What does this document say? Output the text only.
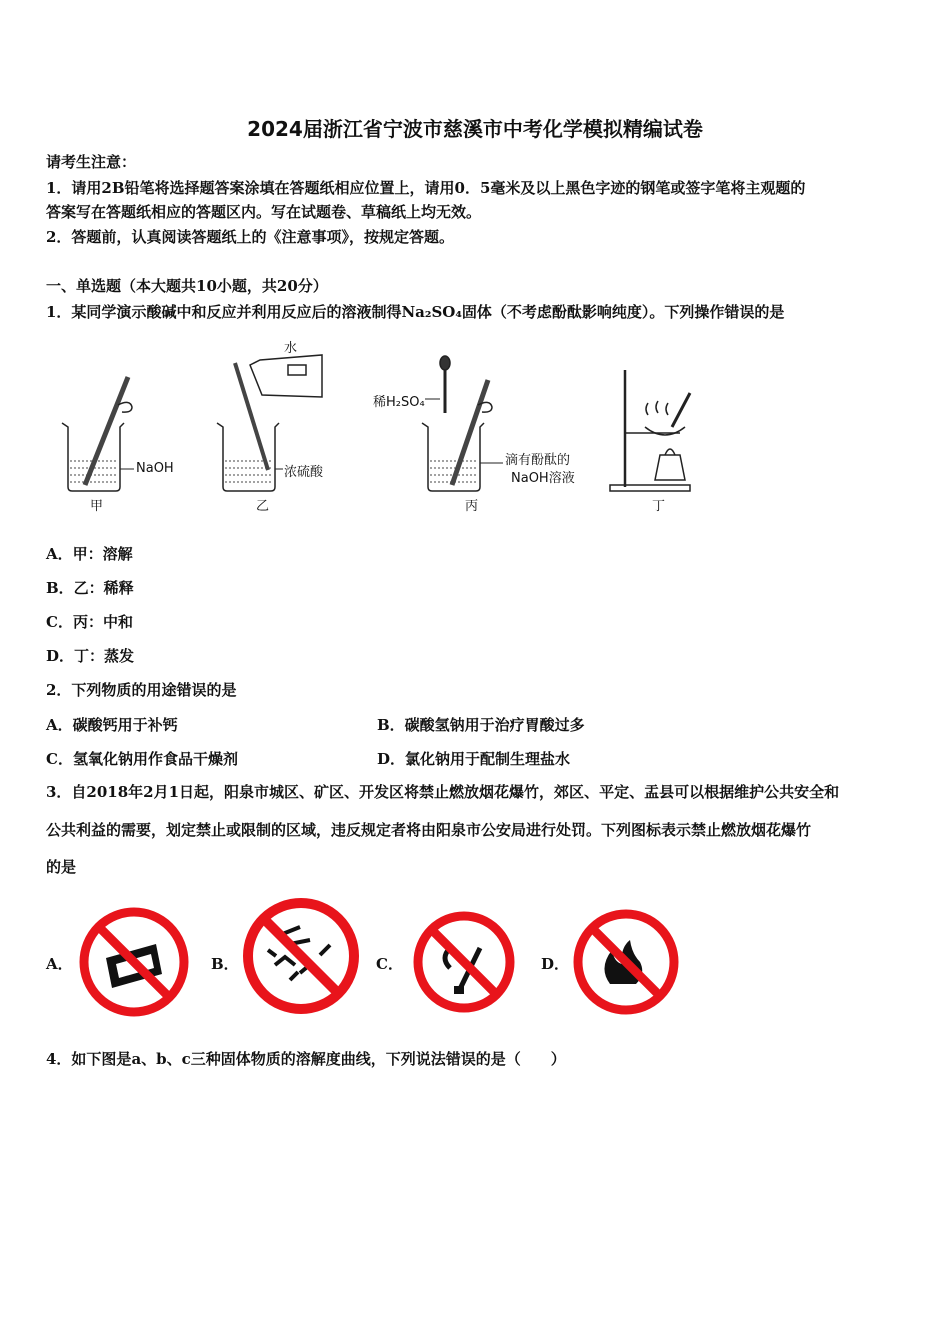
2024届浙江省宁波市慈溪市中考化学模拟精编试卷
请考生注意：
1．请用2B铅笔将选择题答案涂填在答题纸相应位置上，请用0．5毫米及以上黑色字迹的钢笔或签字笔将主观题的
答案写在答题纸相应的答题区内。写在试题卷、草稿纸上均无效。
2．答题前，认真阅读答题纸上的《注意事项》，按规定答题。
一、单选题（本大题共10小题，共20分）
1．某同学演示酸碱中和反应并利用反应后的溶液制得Na₂SO₄固体（不考虑酚酞影响纯度）。下列操作错误的是
NaOH
水
浓硫酸
稀H₂SO₄
滴有酚酞的
NaOH溶液
甲	乙	丙	丁
A．甲：溶解
B．乙：稀释
C．丙：中和
D．丁：蒸发
2．下列物质的用途错误的是
A．碳酸钙用于补钙	B．碳酸氢钠用于治疗胃酸过多
C．氢氧化钠用作食品干燥剂	D．氯化钠用于配制生理盐水
3．自2018年2月1日起，阳泉市城区、矿区、开发区将禁止燃放烟花爆竹，郊区、平定、盂县可以根据维护公共安全和
公共利益的需要，划定禁止或限制的区域，违反规定者将由阳泉市公安局进行处罚。下列图标表示禁止燃放烟花爆竹
的是
A．	B．	C．	D．
4．如下图是a、b、c三种固体物质的溶解度曲线，下列说法错误的是（　　）
